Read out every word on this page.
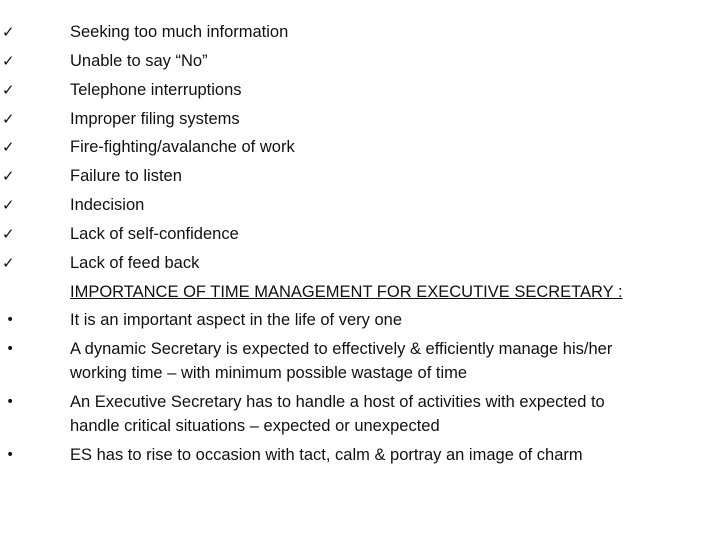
✓	Seeking too much information
✓	Unable to say “No”
✓	Telephone interruptions
✓	Improper filing systems
✓	Fire-fighting/avalanche of work
✓	Failure to listen
✓	Indecision
✓	Lack of self-confidence
✓	Lack of feed back
IMPORTANCE OF TIME MANAGEMENT FOR EXECUTIVE SECRETARY :
•	It is an important aspect in the life of very one
•	A dynamic Secretary is expected to effectively & efficiently manage his/her
working time – with minimum possible wastage of time
•	An Executive Secretary has to handle a host of activities with expected to
handle critical situations – expected or unexpected
•	ES has to rise to occasion with tact, calm & portray an image of charm
